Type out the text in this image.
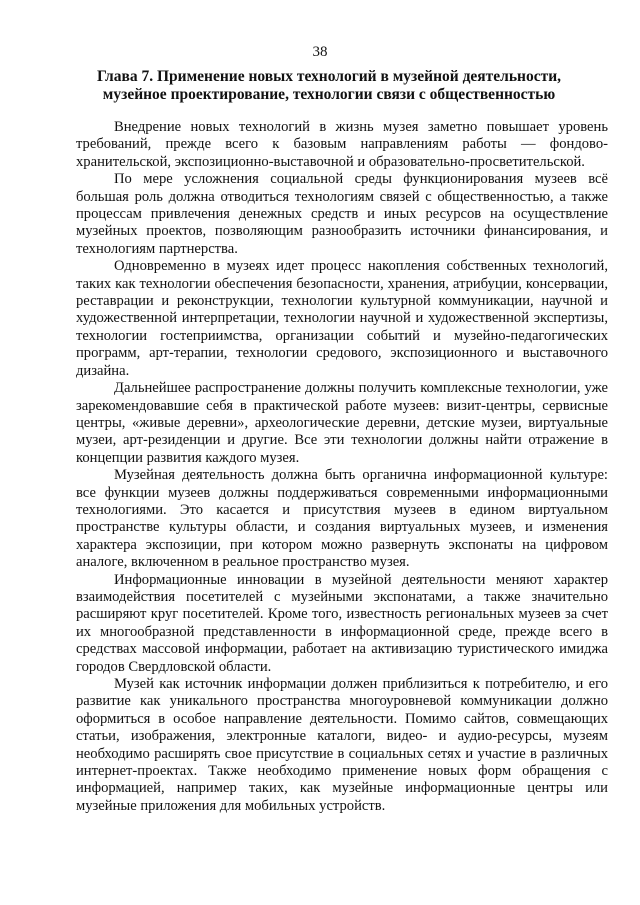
38
Глава 7. Применение новых технологий в музейной деятельности, музейное проектирование, технологии связи с общественностью

Внедрение новых технологий в жизнь музея заметно повышает уровень требований, прежде всего к базовым направлениям работы — фондово-хранительской, экспозиционно-выставочной и образовательно-просветительской.

По мере усложнения социальной среды функционирования музеев всё большая роль должна отводиться технологиям связей с общественностью, а также процессам привлечения денежных средств и иных ресурсов на осуществление музейных проектов, позволяющим разнообразить источники финансирования, и технологиям партнерства.

Одновременно в музеях идет процесс накопления собственных технологий, таких как технологии обеспечения безопасности, хранения, атрибуции, консервации, реставрации и реконструкции, технологии культурной коммуникации, научной и художественной интерпретации, технологии научной и художественной экспертизы, технологии гостеприимства, организации событий и музейно-педагогических программ, арт-терапии, технологии средового, экспозиционного и выставочного дизайна.

Дальнейшее распространение должны получить комплексные технологии, уже зарекомендовавшие себя в практической работе музеев: визит-центры, сервисные центры, «живые деревни», археологические деревни, детские музеи, виртуальные музеи, арт-резиденции и другие. Все эти технологии должны найти отражение в концепции развития каждого музея.

Музейная деятельность должна быть органична информационной культуре: все функции музеев должны поддерживаться современными информационными технологиями. Это касается и присутствия музеев в едином виртуальном пространстве культуры области, и создания виртуальных музеев, и изменения характера экспозиции, при котором можно развернуть экспонаты на цифровом аналоге, включенном в реальное пространство музея.

Информационные инновации в музейной деятельности меняют характер взаимодействия посетителей с музейными экспонатами, а также значительно расширяют круг посетителей. Кроме того, известность региональных музеев за счет их многообразной представленности в информационной среде, прежде всего в средствах массовой информации, работает на активизацию туристического имиджа городов Свердловской области.

Музей как источник информации должен приблизиться к потребителю, и его развитие как уникального пространства многоуровневой коммуникации должно оформиться в особое направление деятельности. Помимо сайтов, совмещающих статьи, изображения, электронные каталоги, видео- и аудио-ресурсы, музеям необходимо расширять свое присутствие в социальных сетях и участие в различных интернет-проектах. Также необходимо применение новых форм обращения с информацией, например таких, как музейные информационные центры или музейные приложения для мобильных устройств.
